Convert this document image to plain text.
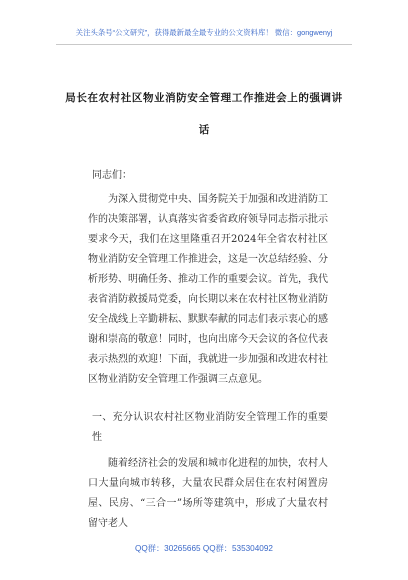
关注头条号“公文研究”，获得最新最全最专业的公文资料库！ 微信：gongwenyj
局长在农村社区物业消防安全管理工作推进会上的强调讲
话
同志们：
为深入贯彻党中央、国务院关于加强和改进消防工作的决策部署，认真落实省委省政府领导同志指示批示要求今天，我们在这里隆重召开2024年全省农村社区物业消防安全管理工作推进会，这是一次总结经验、分析形势、明确任务、推动工作的重要会议。首先，我代表省消防救援局党委，向长期以来在农村社区物业消防安全战线上辛勤耕耘、默默奉献的同志们表示衷心的感谢和崇高的敬意！同时，也向出席今天会议的各位代表表示热烈的欢迎！下面，我就进一步加强和改进农村社区物业消防安全管理工作强调三点意见。
一、充分认识农村社区物业消防安全管理工作的重要性
随着经济社会的发展和城市化进程的加快，农村人口大量向城市转移，大量农民群众居住在农村闲置房屋、民房、“三合一”场所等建筑中，形成了大量农村留守老人
QQ群：30265665 QQ群：535304092
